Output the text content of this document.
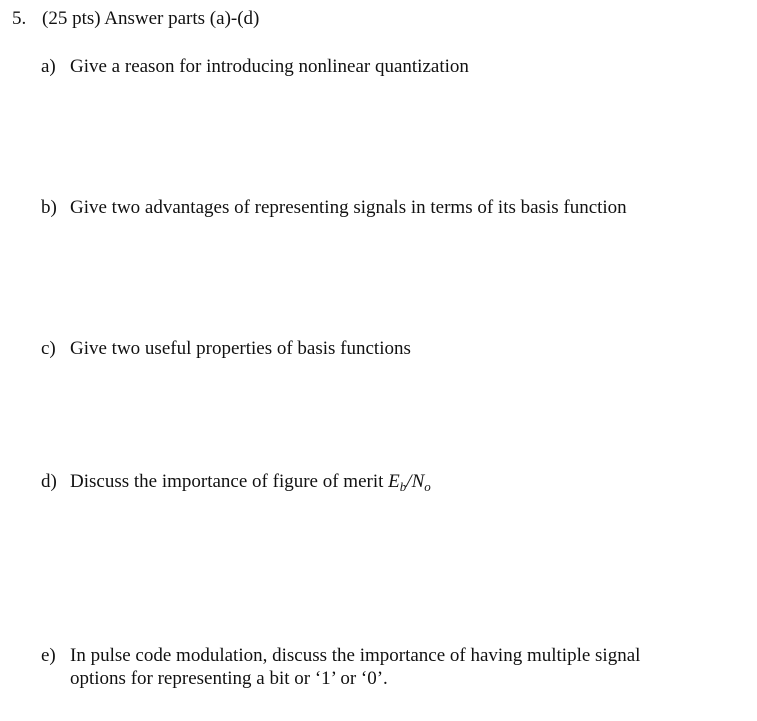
5. (25 pts) Answer parts (a)-(d)
a) Give a reason for introducing nonlinear quantization
b) Give two advantages of representing signals in terms of its basis function
c) Give two useful properties of basis functions
d) Discuss the importance of figure of merit $E_b/N_o$
e) In pulse code modulation, discuss the importance of having multiple signal
options for representing a bit or ‘1’ or ‘0’.
